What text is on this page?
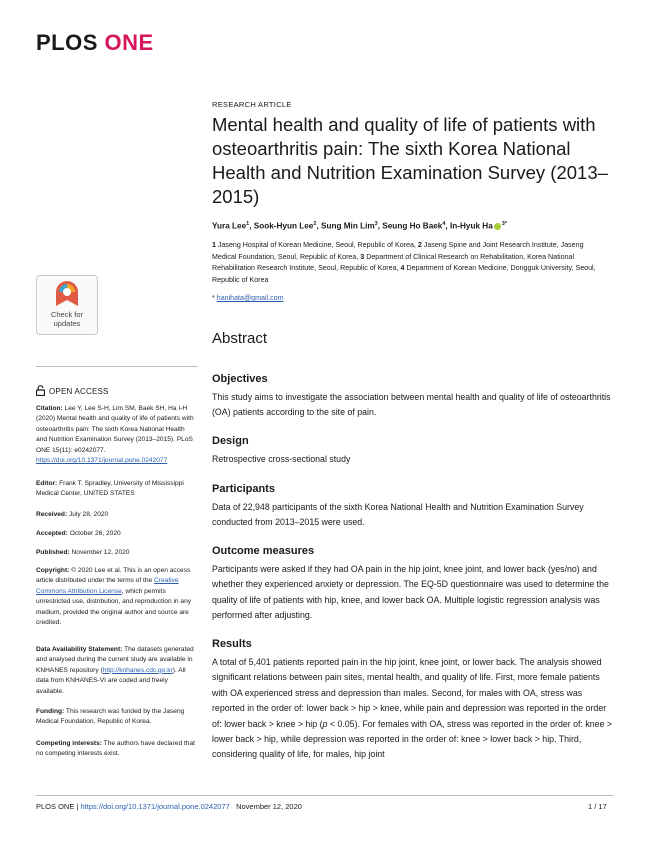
PLOS ONE
RESEARCH ARTICLE
Mental health and quality of life of patients with osteoarthritis pain: The sixth Korea National Health and Nutrition Examination Survey (2013–2015)
Yura Lee$^1$, Sook-Hyun Lee$^2$, Sung Min Lim$^3$, Seung Ho Baek$^4$, In-Hyuk Ha $^{3*}$
1 Jaseng Hospital of Korean Medicine, Seoul, Republic of Korea, 2 Jaseng Spine and Joint Research Institute, Jaseng Medical Foundation, Seoul, Republic of Korea, 3 Department of Clinical Research on Rehabilitation, Korea National Rehabilitation Research Institute, Seoul, Republic of Korea, 4 Department of Korean Medicine, Dongguk University, Seoul, Republic of Korea
* hanihata@gmail.com
Abstract
Objectives

This study aims to investigate the association between mental health and quality of life of osteoarthritis (OA) patients according to the site of pain.

Design

Retrospective cross-sectional study

Participants

Data of 22,948 participants of the sixth Korea National Health and Nutrition Examination Survey conducted from 2013–2015 were used.

Outcome measures

Participants were asked if they had OA pain in the hip joint, knee joint, and lower back (yes/no) and whether they experienced anxiety or depression. The EQ-5D questionnaire was used to determine the quality of life of patients with hip, knee, and lower back OA. Multiple logistic regression analysis was performed after adjusting.

Results

A total of 5,401 patients reported pain in the hip joint, knee joint, or lower back. The analysis showed significant relations between pain sites, mental health, and quality of life. First, more female patients with OA experienced stress and depression than males. Second, for males with OA, stress was reported in the order of: lower back > hip > knee, while pain and depression was reported in the order of: lower back > knee > hip (p < 0.05). For females with OA, stress was reported in the order of: knee > lower back > hip, while depression was reported in the order of: knee > lower back > hip. Third, considering quality of life, for males, hip joint

Check for updates
OPEN ACCESS
Citation: Lee Y, Lee S-H, Lim SM, Baek SH, Ha I-H (2020) Mental health and quality of life of patients with osteoarthritis pain: The sixth Korea National Health and Nutrition Examination Survey (2013–2015). PLoS ONE 15(11): e0242077. https://doi.org/10.1371/journal.pone.0242077
Editor: Frank T. Spradley, University of Mississippi Medical Center, UNITED STATES
Received: July 28, 2020
Accepted: October 26, 2020
Published: November 12, 2020
Copyright: © 2020 Lee et al. This is an open access article distributed under the terms of the Creative Commons Attribution License, which permits unrestricted use, distribution, and reproduction in any medium, provided the original author and source are credited.
Data Availability Statement: The datasets generated and analysed during the current study are available in KNHANES repository (http://knhanes.cdc.go.kr). All data from KNHANES-VI are coded and freely available.
Funding: This research was funded by the Jaseng Medical Foundation, Republic of Korea.
Competing interests: The authors have declared that no competing interests exist.
PLOS ONE | https://doi.org/10.1371/journal.pone.0242077 November 12, 2020	1 / 17
